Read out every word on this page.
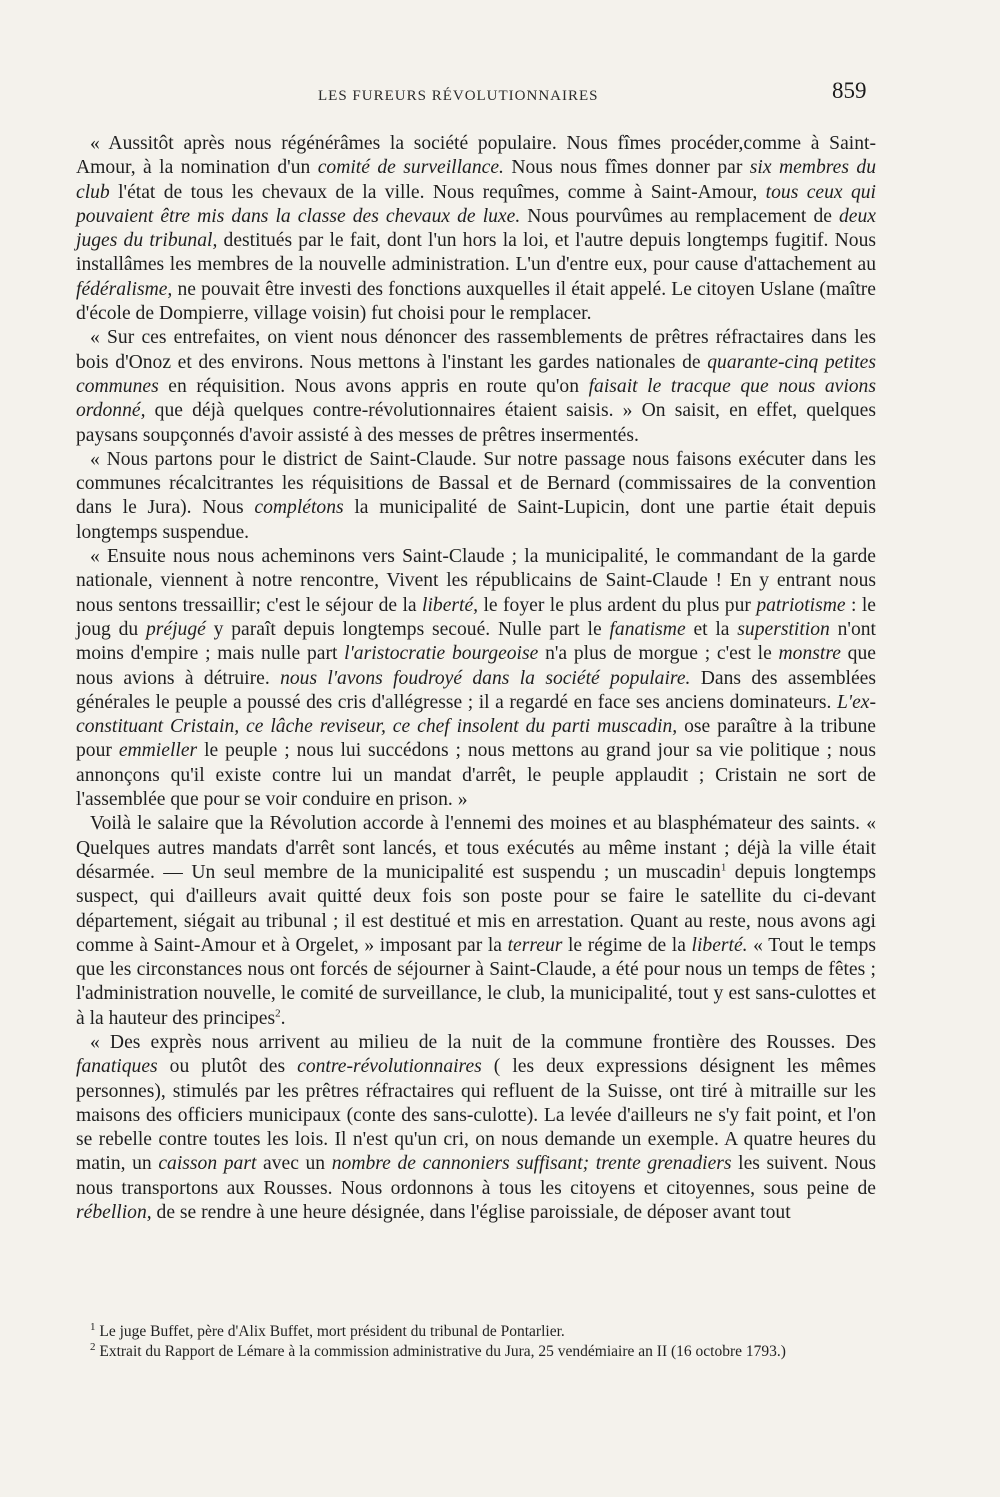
LES FUREURS RÉVOLUTIONNAIRES	859

« Aussitôt après nous régénérâmes la société populaire. Nous fîmes procéder,comme à Saint-Amour, à la nomination d'un comité de surveillance. Nous nous fîmes donner par six membres du club l'état de tous les chevaux de la ville. Nous requîmes, comme à Saint-Amour, tous ceux qui pouvaient être mis dans la classe des chevaux de luxe. Nous pourvûmes au remplacement de deux juges du tribunal, destitués par le fait, dont l'un hors la loi, et l'autre depuis longtemps fugitif. Nous installâmes les membres de la nouvelle administration. L'un d'entre eux, pour cause d'attachement au fédéralisme, ne pouvait être investi des fonctions auxquelles il était appelé. Le citoyen Uslane (maître d'école de Dompierre, village voisin) fut choisi pour le remplacer.

« Sur ces entrefaites, on vient nous dénoncer des rassemblements de prêtres réfractaires dans les bois d'Onoz et des environs. Nous mettons à l'instant les gardes nationales de quarante-cinq petites communes en réquisition. Nous avons appris en route qu'on faisait le tracque que nous avions ordonné, que déjà quelques contre-révolutionnaires étaient saisis. » On saisit, en effet, quelques paysans soupçonnés d'avoir assisté à des messes de prêtres insermentés.

« Nous partons pour le district de Saint-Claude. Sur notre passage nous faisons exécuter dans les communes récalcitrantes les réquisitions de Bassal et de Bernard (commissaires de la convention dans le Jura). Nous complétons la municipalité de Saint-Lupicin, dont une partie était depuis longtemps suspendue.

« Ensuite nous nous acheminons vers Saint-Claude ; la municipalité, le commandant de la garde nationale, viennent à notre rencontre, Vivent les républicains de Saint-Claude ! En y entrant nous nous sentons tressaillir; c'est le séjour de la liberté, le foyer le plus ardent du plus pur patriotisme : le joug du préjugé y paraît depuis longtemps secoué. Nulle part le fanatisme et la superstition n'ont moins d'empire ; mais nulle part l'aristocratie bourgeoise n'a plus de morgue ; c'est le monstre que nous avions à détruire. nous l'avons foudroyé dans la société populaire. Dans des assemblées générales le peuple a poussé des cris d'allégresse ; il a regardé en face ses anciens dominateurs. L'ex-constituant Cristain, ce lâche reviseur, ce chef insolent du parti muscadin, ose paraître à la tribune pour emmieller le peuple ; nous lui succédons ; nous mettons au grand jour sa vie politique ; nous annonçons qu'il existe contre lui un mandat d'arrêt, le peuple applaudit ; Cristain ne sort de l'assemblée que pour se voir conduire en prison. »

Voilà le salaire que la Révolution accorde à l'ennemi des moines et au blasphémateur des saints. « Quelques autres mandats d'arrêt sont lancés, et tous exécutés au même instant ; déjà la ville était désarmée. — Un seul membre de la municipalité est suspendu ; un muscadin$^1$ depuis longtemps suspect, qui d'ailleurs avait quitté deux fois son poste pour se faire le satellite du ci-devant département, siégait au tribunal ; il est destitué et mis en arrestation. Quant au reste, nous avons agi comme à Saint-Amour et à Orgelet, » imposant par la terreur le régime de la liberté. « Tout le temps que les circonstances nous ont forcés de séjourner à Saint-Claude, a été pour nous un temps de fêtes ; l'administration nouvelle, le comité de surveillance, le club, la municipalité, tout y est sans-culottes et à la hauteur des principes$^2$.

« Des exprès nous arrivent au milieu de la nuit de la commune frontière des Rousses. Des fanatiques ou plutôt des contre-révolutionnaires ( les deux expressions désignent les mêmes personnes), stimulés par les prêtres réfractaires qui refluent de la Suisse, ont tiré à mitraille sur les maisons des officiers municipaux (conte des sans-culotte). La levée d'ailleurs ne s'y fait point, et l'on se rebelle contre toutes les lois. Il n'est qu'un cri, on nous demande un exemple. A quatre heures du matin, un caisson part avec un nombre de cannoniers suffisant; trente grenadiers les suivent. Nous nous transportons aux Rousses. Nous ordonnons à tous les citoyens et citoyennes, sous peine de rébellion, de se rendre à une heure désignée, dans l'église paroissiale, de déposer avant tout

$^1$ Le juge Buffet, père d'Alix Buffet, mort président du tribunal de Pontarlier.

$^2$ Extrait du Rapport de Lémare à la commission administrative du Jura, 25 vendémiaire an II (16 octobre 1793.)
